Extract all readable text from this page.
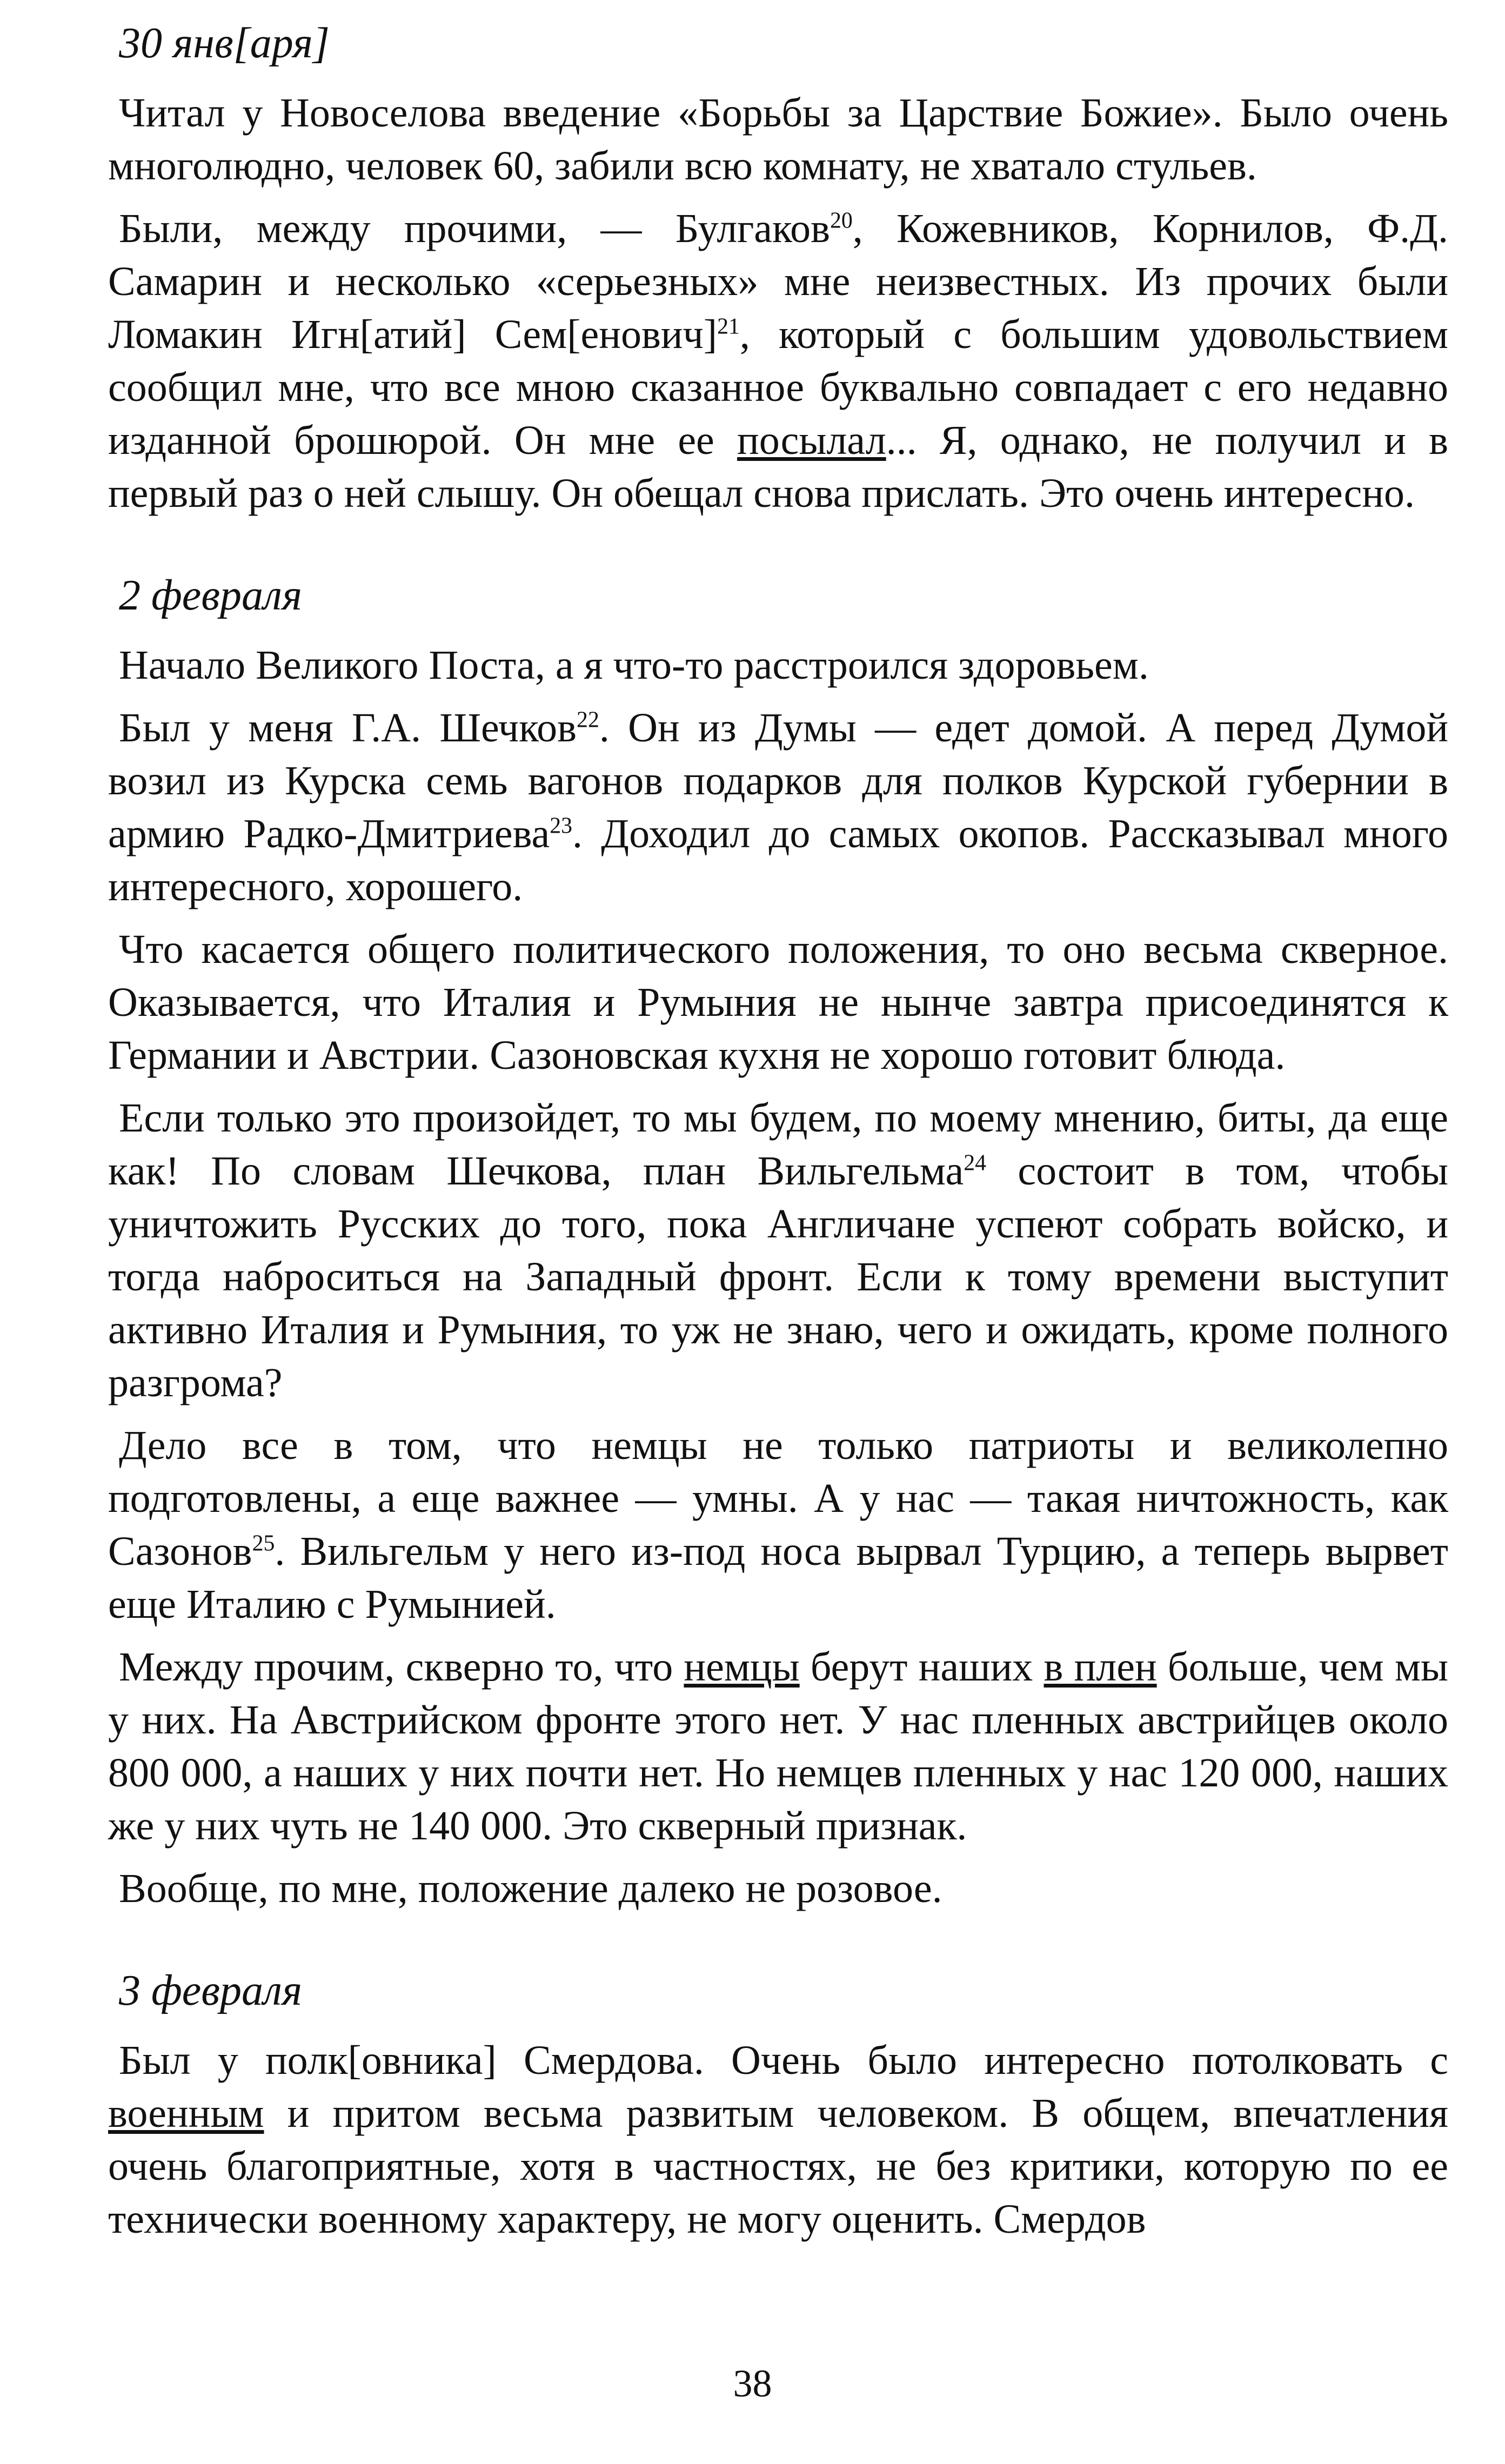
30 янв[аря]

Читал у Новоселова введение «Борьбы за Царствие Божие». Было очень многолюдно, человек 60, забили всю комнату, не хватало стульев.

Были, между прочими, — Булгаков$^{20}$, Кожевников, Корнилов, Ф.Д. Самарин и несколько «серьезных» мне неизвестных. Из прочих были Ломакин Игн[атий] Сем[енович]$^{21}$, который с большим удовольствием сообщил мне, что все мною сказанное буквально совпадает с его недавно изданной брошюрой. Он мне ее посылал... Я, однако, не получил и в первый раз о ней слышу. Он обещал снова прислать. Это очень интересно.

2 февраля

Начало Великого Поста, а я что-то расстроился здоровьем.

Был у меня Г.А. Шечков$^{22}$. Он из Думы — едет домой. А перед Думой возил из Курска семь вагонов подарков для полков Курской губернии в армию Радко-Дмитриева$^{23}$. Доходил до самых окопов. Рассказывал много интересного, хорошего.

Что касается общего политического положения, то оно весьма скверное. Оказывается, что Италия и Румыния не нынче завтра присоединятся к Германии и Австрии. Сазоновская кухня не хорошо готовит блюда.

Если только это произойдет, то мы будем, по моему мнению, биты, да еще как! По словам Шечкова, план Вильгельма$^{24}$ состоит в том, чтобы уничтожить Русских до того, пока Англичане успеют собрать войско, и тогда наброситься на Западный фронт. Если к тому времени выступит активно Италия и Румыния, то уж не знаю, чего и ожидать, кроме полного разгрома?

Дело все в том, что немцы не только патриоты и великолепно подготовлены, а еще важнее — умны. А у нас — такая ничтожность, как Сазонов$^{25}$. Вильгельм у него из-под носа вырвал Турцию, а теперь вырвет еще Италию с Румынией.

Между прочим, скверно то, что немцы берут наших в плен больше, чем мы у них. На Австрийском фронте этого нет. У нас пленных австрийцев около 800 000, а наших у них почти нет. Но немцев пленных у нас 120 000, наших же у них чуть не 140 000. Это скверный признак.

Вообще, по мне, положение далеко не розовое.

3 февраля

Был у полк[овника] Смердова. Очень было интересно потолковать с военным и притом весьма развитым человеком. В общем, впечатления очень благоприятные, хотя в частностях, не без критики, которую по ее технически военному характеру, не могу оценить. Смердов

38
